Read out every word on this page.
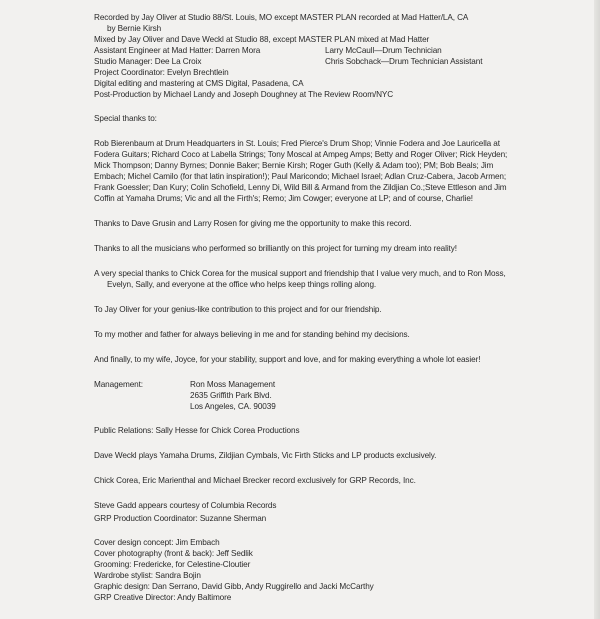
Recorded by Jay Oliver at Studio 88/St. Louis, MO except MASTER PLAN recorded at Mad Hatter/LA, CA
by Bernie Kirsh
Mixed by Jay Oliver and Dave Weckl at Studio 88, except MASTER PLAN mixed at Mad Hatter
Assistant Engineer at Mad Hatter: Darren Mora	Larry McCaull—Drum Technician
Studio Manager: Dee La Croix	Chris Sobchack—Drum Technician Assistant
Project Coordinator: Evelyn Brechtlein
Digital editing and mastering at CMS Digital, Pasadena, CA
Post-Production by Michael Landy and Joseph Doughney at The Review Room/NYC
Special thanks to:
Rob Bierenbaum at Drum Headquarters in St. Louis; Fred Pierce's Drum Shop; Vinnie Fodera and Joe Lauricella at
Fodera Guitars; Richard Coco at Labella Strings; Tony Moscal at Ampeg Amps; Betty and Roger Oliver; Rick Heyden;
Mick Thompson; Danny Byrnes; Donnie Baker; Bernie Kirsh; Roger Guth (Kelly & Adam too); PM; Bob Beals; Jim
Embach; Michel Camilo (for that latin inspiration!); Paul Maricondo; Michael Israel; Adlan Cruz-Cabera, Jacob Armen;
Frank Goessler; Dan Kury; Colin Schofield, Lenny Di, Wild Bill & Armand from the Zildjian Co.;Steve Ettleson and Jim
Coffin at Yamaha Drums; Vic and all the Firth's; Remo; Jim Cowger; everyone at LP; and of course, Charlie!
Thanks to Dave Grusin and Larry Rosen for giving me the opportunity to make this record.
Thanks to all the musicians who performed so brilliantly on this project for turning my dream into reality!
A very special thanks to Chick Corea for the musical support and friendship that I value very much, and to Ron Moss,
Evelyn, Sally, and everyone at the office who helps keep things rolling along.
To Jay Oliver for your genius-like contribution to this project and for our friendship.
To my mother and father for always believing in me and for standing behind my decisions.
And finally, to my wife, Joyce, for your stability, support and love, and for making everything a whole lot easier!
Management:	Ron Moss Management
2635 Griffith Park Blvd.
Los Angeles, CA. 90039
Public Relations: Sally Hesse for Chick Corea Productions
Dave Weckl plays Yamaha Drums, Zildjian Cymbals, Vic Firth Sticks and LP products exclusively.
Chick Corea, Eric Marienthal and Michael Brecker record exclusively for GRP Records, Inc.
Steve Gadd appears courtesy of Columbia Records
GRP Production Coordinator: Suzanne Sherman
Cover design concept: Jim Embach
Cover photography (front & back): Jeff Sedlik
Grooming: Fredericke, for Celestine-Cloutier
Wardrobe stylist: Sandra Bojin
Graphic design: Dan Serrano, David Gibb, Andy Ruggirello and Jacki McCarthy
GRP Creative Director: Andy Baltimore
